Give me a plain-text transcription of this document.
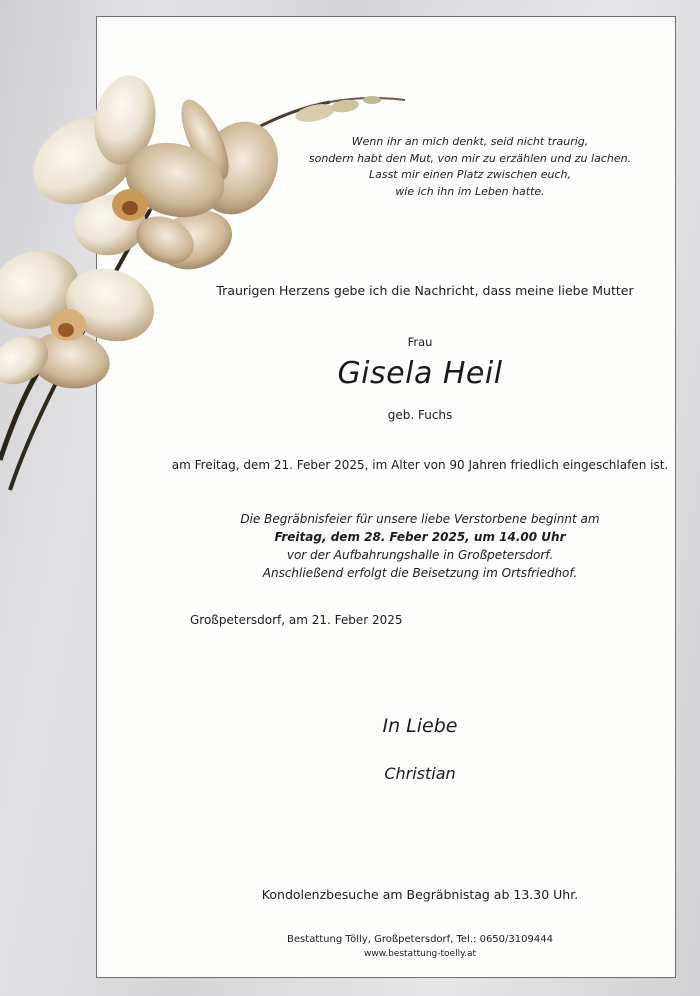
Wenn ihr an mich denkt, seid nicht traurig,
sondern habt den Mut, von mir zu erzählen und zu lachen.
Lasst mir einen Platz zwischen euch,
wie ich ihn im Leben hatte.
Traurigen Herzens gebe ich die Nachricht, dass meine liebe Mutter
Frau
Gisela Heil
geb. Fuchs
am Freitag, dem 21. Feber 2025, im Alter von 90 Jahren friedlich eingeschlafen ist.
Die Begräbnisfeier für unsere liebe Verstorbene beginnt am
Freitag, dem 28. Feber 2025, um 14.00 Uhr
vor der Aufbahrungshalle in Großpetersdorf.
Anschließend erfolgt die Beisetzung im Ortsfriedhof.
Großpetersdorf, am 21. Feber 2025
In Liebe
Christian
Kondolenzbesuche am Begräbnistag ab 13.30 Uhr.
Bestattung Tölly, Großpetersdorf, Tel.: 0650/3109444
www.bestattung-toelly.at
